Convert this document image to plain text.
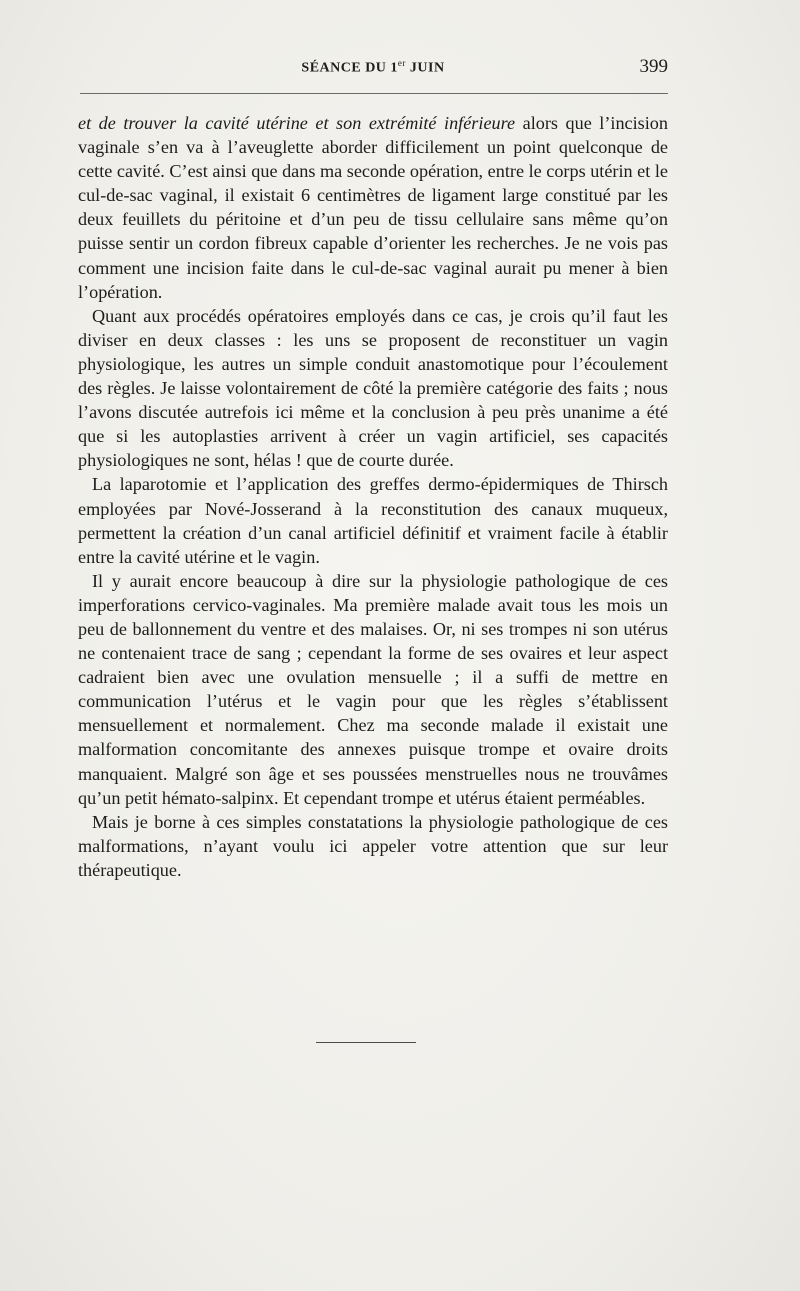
SÉANCE DU 1er JUIN	399

et de trouver la cavité utérine et son extrémité inférieure alors que l’incision vaginale s’en va à l’aveuglette aborder difficilement un point quelconque de cette cavité. C’est ainsi que dans ma seconde opération, entre le corps utérin et le cul-de-sac vaginal, il existait 6 centimètres de ligament large constitué par les deux feuillets du péritoine et d’un peu de tissu cellulaire sans même qu’on puisse sentir un cordon fibreux capable d’orienter les recherches. Je ne vois pas comment une incision faite dans le cul-de-sac vaginal aurait pu mener à bien l’opération.

Quant aux procédés opératoires employés dans ce cas, je crois qu’il faut les diviser en deux classes : les uns se proposent de reconstituer un vagin physiologique, les autres un simple conduit anastomotique pour l’écoulement des règles. Je laisse volontairement de côté la première catégorie des faits ; nous l’avons discutée autrefois ici même et la conclusion à peu près unanime a été que si les autoplasties arrivent à créer un vagin artificiel, ses capacités physiologiques ne sont, hélas ! que de courte durée.

La laparotomie et l’application des greffes dermo-épidermiques de Thirsch employées par Nové-Josserand à la reconstitution des canaux muqueux, permettent la création d’un canal artificiel définitif et vraiment facile à établir entre la cavité utérine et le vagin.

Il y aurait encore beaucoup à dire sur la physiologie pathologique de ces imperforations cervico-vaginales. Ma première malade avait tous les mois un peu de ballonnement du ventre et des malaises. Or, ni ses trompes ni son utérus ne contenaient trace de sang ; cependant la forme de ses ovaires et leur aspect cadraient bien avec une ovulation mensuelle ; il a suffi de mettre en communication l’utérus et le vagin pour que les règles s’établissent mensuellement et normalement. Chez ma seconde malade il existait une malformation concomitante des annexes puisque trompe et ovaire droits manquaient. Malgré son âge et ses poussées menstruelles nous ne trouvâmes qu’un petit hémato-salpinx. Et cependant trompe et utérus étaient perméables.

Mais je borne à ces simples constatations la physiologie pathologique de ces malformations, n’ayant voulu ici appeler votre attention que sur leur thérapeutique.
